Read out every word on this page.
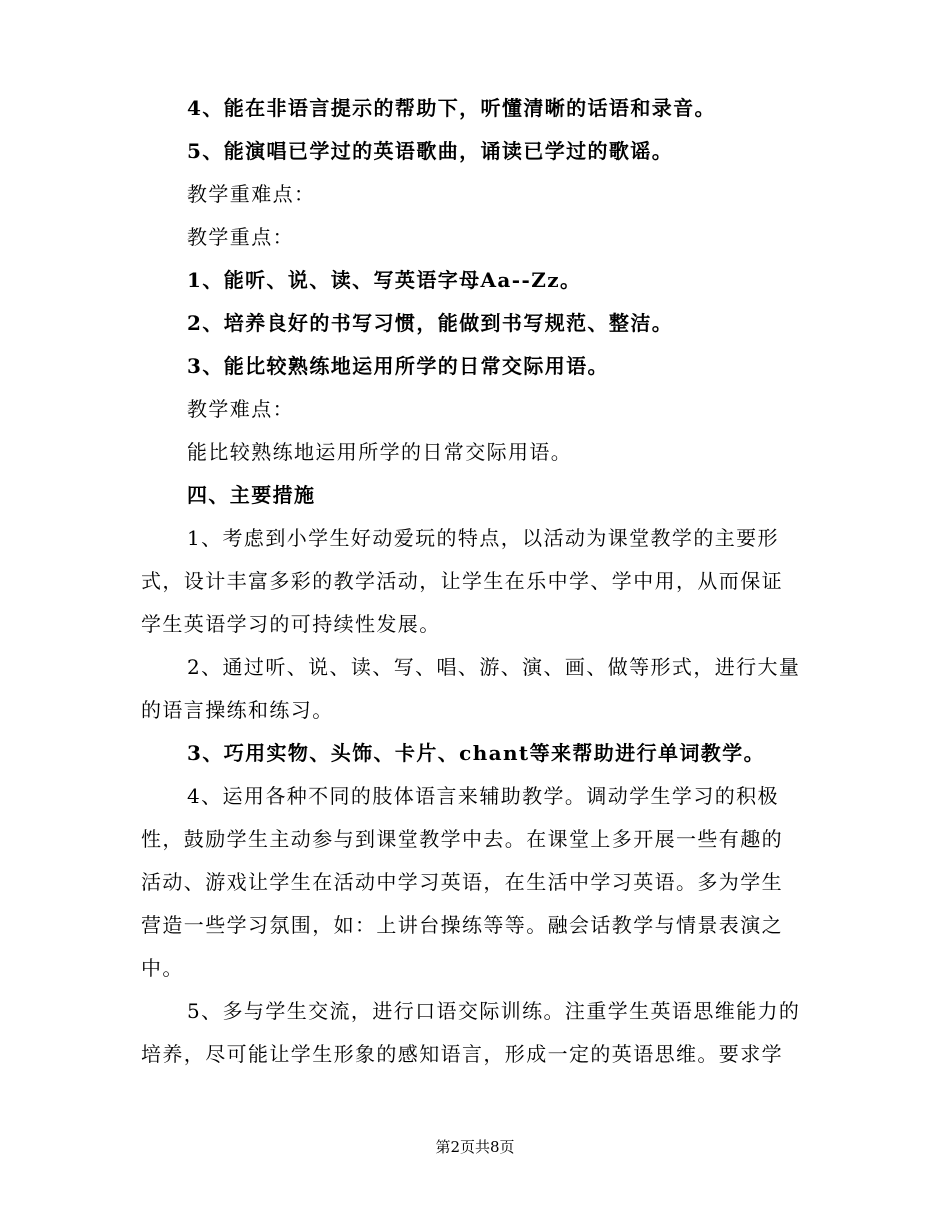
4、能在非语言提示的帮助下，听懂清晰的话语和录音。
5、能演唱已学过的英语歌曲，诵读已学过的歌谣。
教学重难点：
教学重点：
1、能听、说、读、写英语字母Aa--Zz。
2、培养良好的书写习惯，能做到书写规范、整洁。
3、能比较熟练地运用所学的日常交际用语。
教学难点：
能比较熟练地运用所学的日常交际用语。
四、主要措施
1、考虑到小学生好动爱玩的特点，以活动为课堂教学的主要形
式，设计丰富多彩的教学活动，让学生在乐中学、学中用，从而保证
学生英语学习的可持续性发展。
2、通过听、说、读、写、唱、游、演、画、做等形式，进行大量
的语言操练和练习。
3、巧用实物、头饰、卡片、chant等来帮助进行单词教学。
4、运用各种不同的肢体语言来辅助教学。调动学生学习的积极
性，鼓励学生主动参与到课堂教学中去。在课堂上多开展一些有趣的
活动、游戏让学生在活动中学习英语，在生活中学习英语。多为学生
营造一些学习氛围，如：上讲台操练等等。融会话教学与情景表演之
中。
5、多与学生交流，进行口语交际训练。注重学生英语思维能力的
培养，尽可能让学生形象的感知语言，形成一定的英语思维。要求学
第2页共8页
